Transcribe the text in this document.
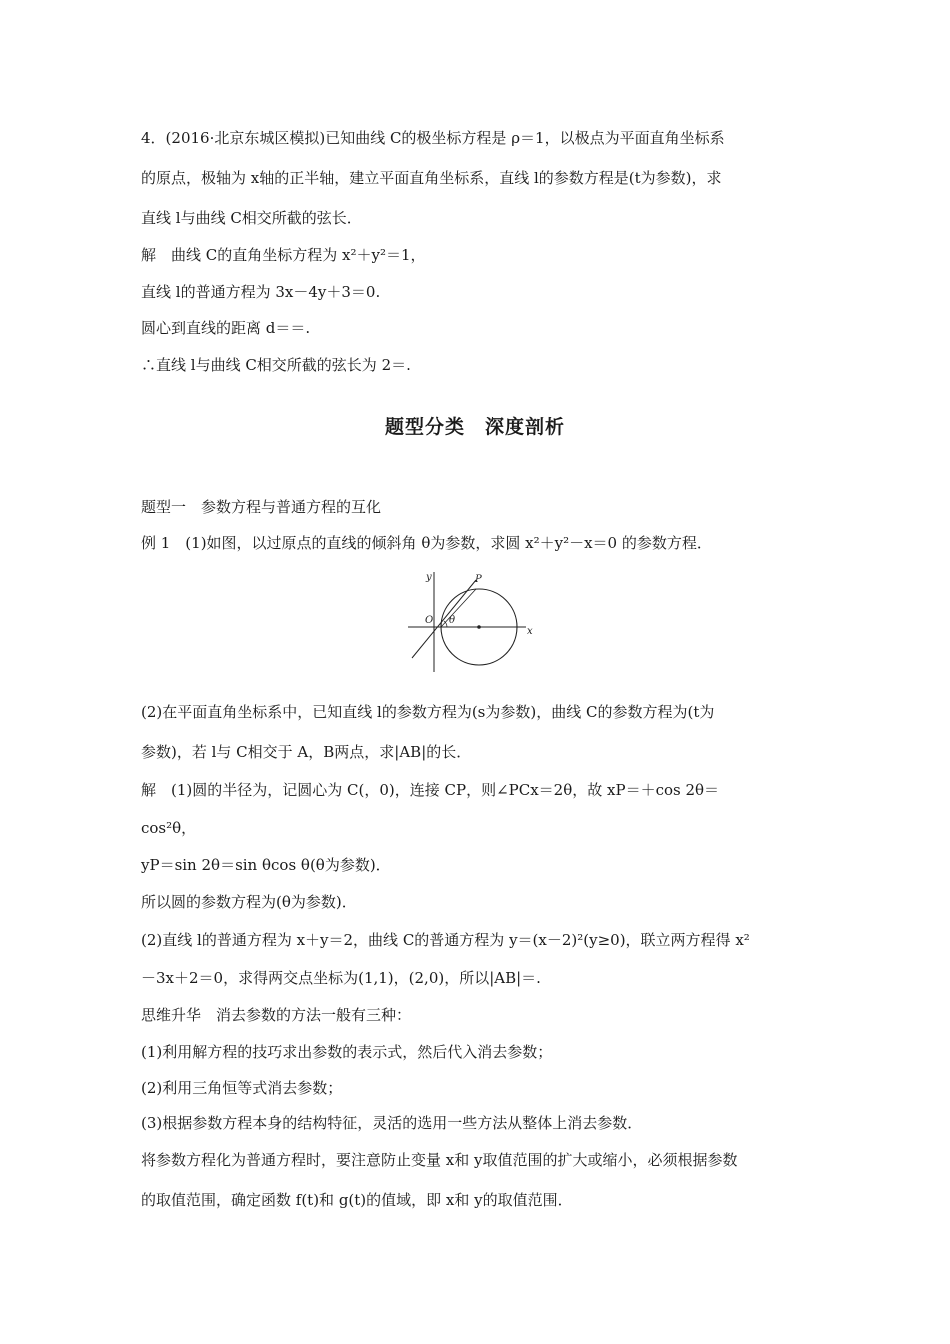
4．(2016·北京东城区模拟)已知曲线 C的极坐标方程是 ρ＝1，以极点为平面直角坐标系
的原点，极轴为 x轴的正半轴，建立平面直角坐标系，直线 l的参数方程是(t为参数)，求
直线 l与曲线 C相交所截的弦长．
解　曲线 C的直角坐标方程为 x²＋y²＝1，
直线 l的普通方程为 3x－4y＋3＝0.
圆心到直线的距离 d＝＝.
∴直线 l与曲线 C相交所截的弦长为 2＝.
题型分类　深度剖析
题型一　参数方程与普通方程的互化
例 1　(1)如图，以过原点的直线的倾斜角 θ为参数，求圆 x²＋y²－x＝0 的参数方程．
y
x
O
P
θ
(2)在平面直角坐标系中，已知直线 l的参数方程为(s为参数)，曲线 C的参数方程为(t为
参数)，若 l与 C相交于 A，B两点，求|AB|的长．
解　(1)圆的半径为，记圆心为 C(，0)，连接 CP，则∠PCx＝2θ，故 xP＝＋cos 2θ＝
cos²θ，
yP＝sin 2θ＝sin θcos θ(θ为参数)．
所以圆的参数方程为(θ为参数)．
(2)直线 l的普通方程为 x＋y＝2，曲线 C的普通方程为 y＝(x－2)²(y≥0)，联立两方程得 x²
－3x＋2＝0，求得两交点坐标为(1,1)，(2,0)，所以|AB|＝.
思维升华　消去参数的方法一般有三种：
(1)利用解方程的技巧求出参数的表示式，然后代入消去参数；
(2)利用三角恒等式消去参数；
(3)根据参数方程本身的结构特征，灵活的选用一些方法从整体上消去参数．
将参数方程化为普通方程时，要注意防止变量 x和 y取值范围的扩大或缩小，必须根据参数
的取值范围，确定函数 f(t)和 g(t)的值域，即 x和 y的取值范围．
